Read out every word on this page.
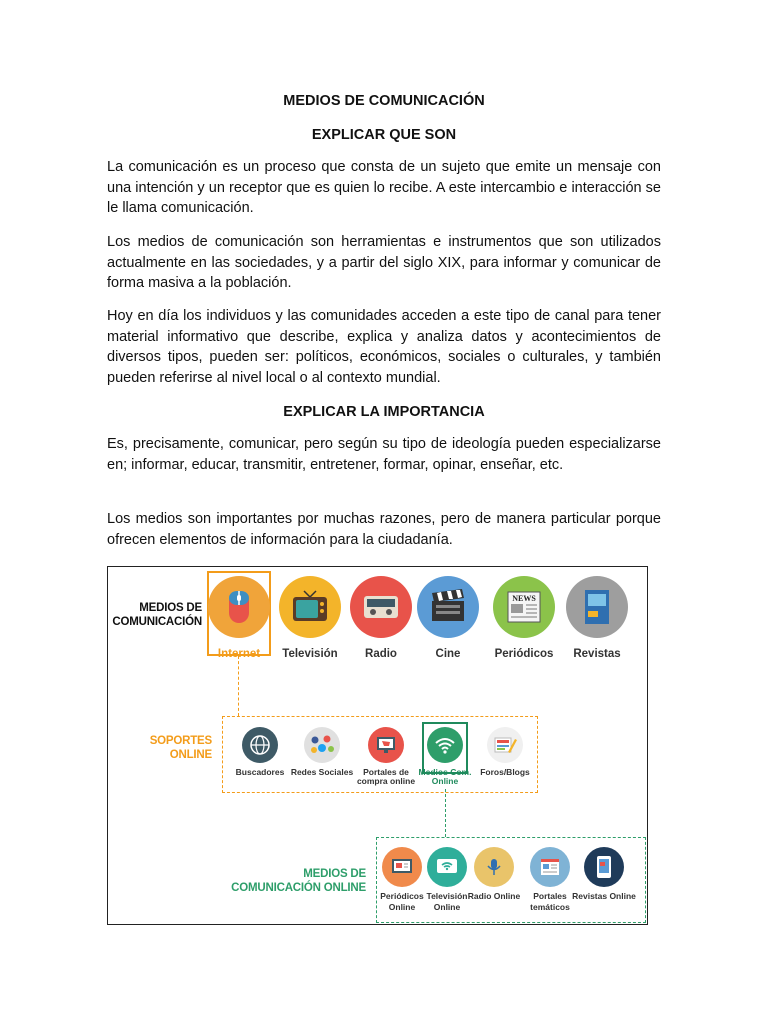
MEDIOS DE COMUNICACIÓN
EXPLICAR QUE SON

La comunicación es un proceso que consta de un sujeto que emite un mensaje con una intención y un receptor que es quien lo recibe. A este intercambio e interacción se le llama comunicación.

Los medios de comunicación son herramientas e instrumentos que son utilizados actualmente en las sociedades, y a partir del siglo XIX, para informar y comunicar de forma masiva a la población.

Hoy en día los individuos y las comunidades acceden a este tipo de canal para tener material informativo que describe, explica y analiza datos y acontecimientos de diversos tipos, pueden ser: políticos, económicos, sociales o culturales, y también pueden referirse al nivel local o al contexto mundial.

EXPLICAR LA IMPORTANCIA

Es, precisamente, comunicar, pero según su tipo de ideología pueden especializarse en; informar, educar, transmitir, entretener, formar, opinar, enseñar, etc.

Los medios son importantes por muchas razones, pero de manera particular porque ofrecen elementos de información para la ciudadanía.

MEDIOS DE
COMUNICACIÓN
Internet	Televisión	Radio	Cine
NEWS
Periódicos	Revistas
SOPORTES
ONLINE
Buscadores Redes Sociales	Portales de compra online
Medios Com. Online
Foros/Blogs
MEDIOS DE
COMUNICACIÓN ONLINE
Periódicos Online
Televisión Online
Radio Online	Portales temáticos
Revistas Online
